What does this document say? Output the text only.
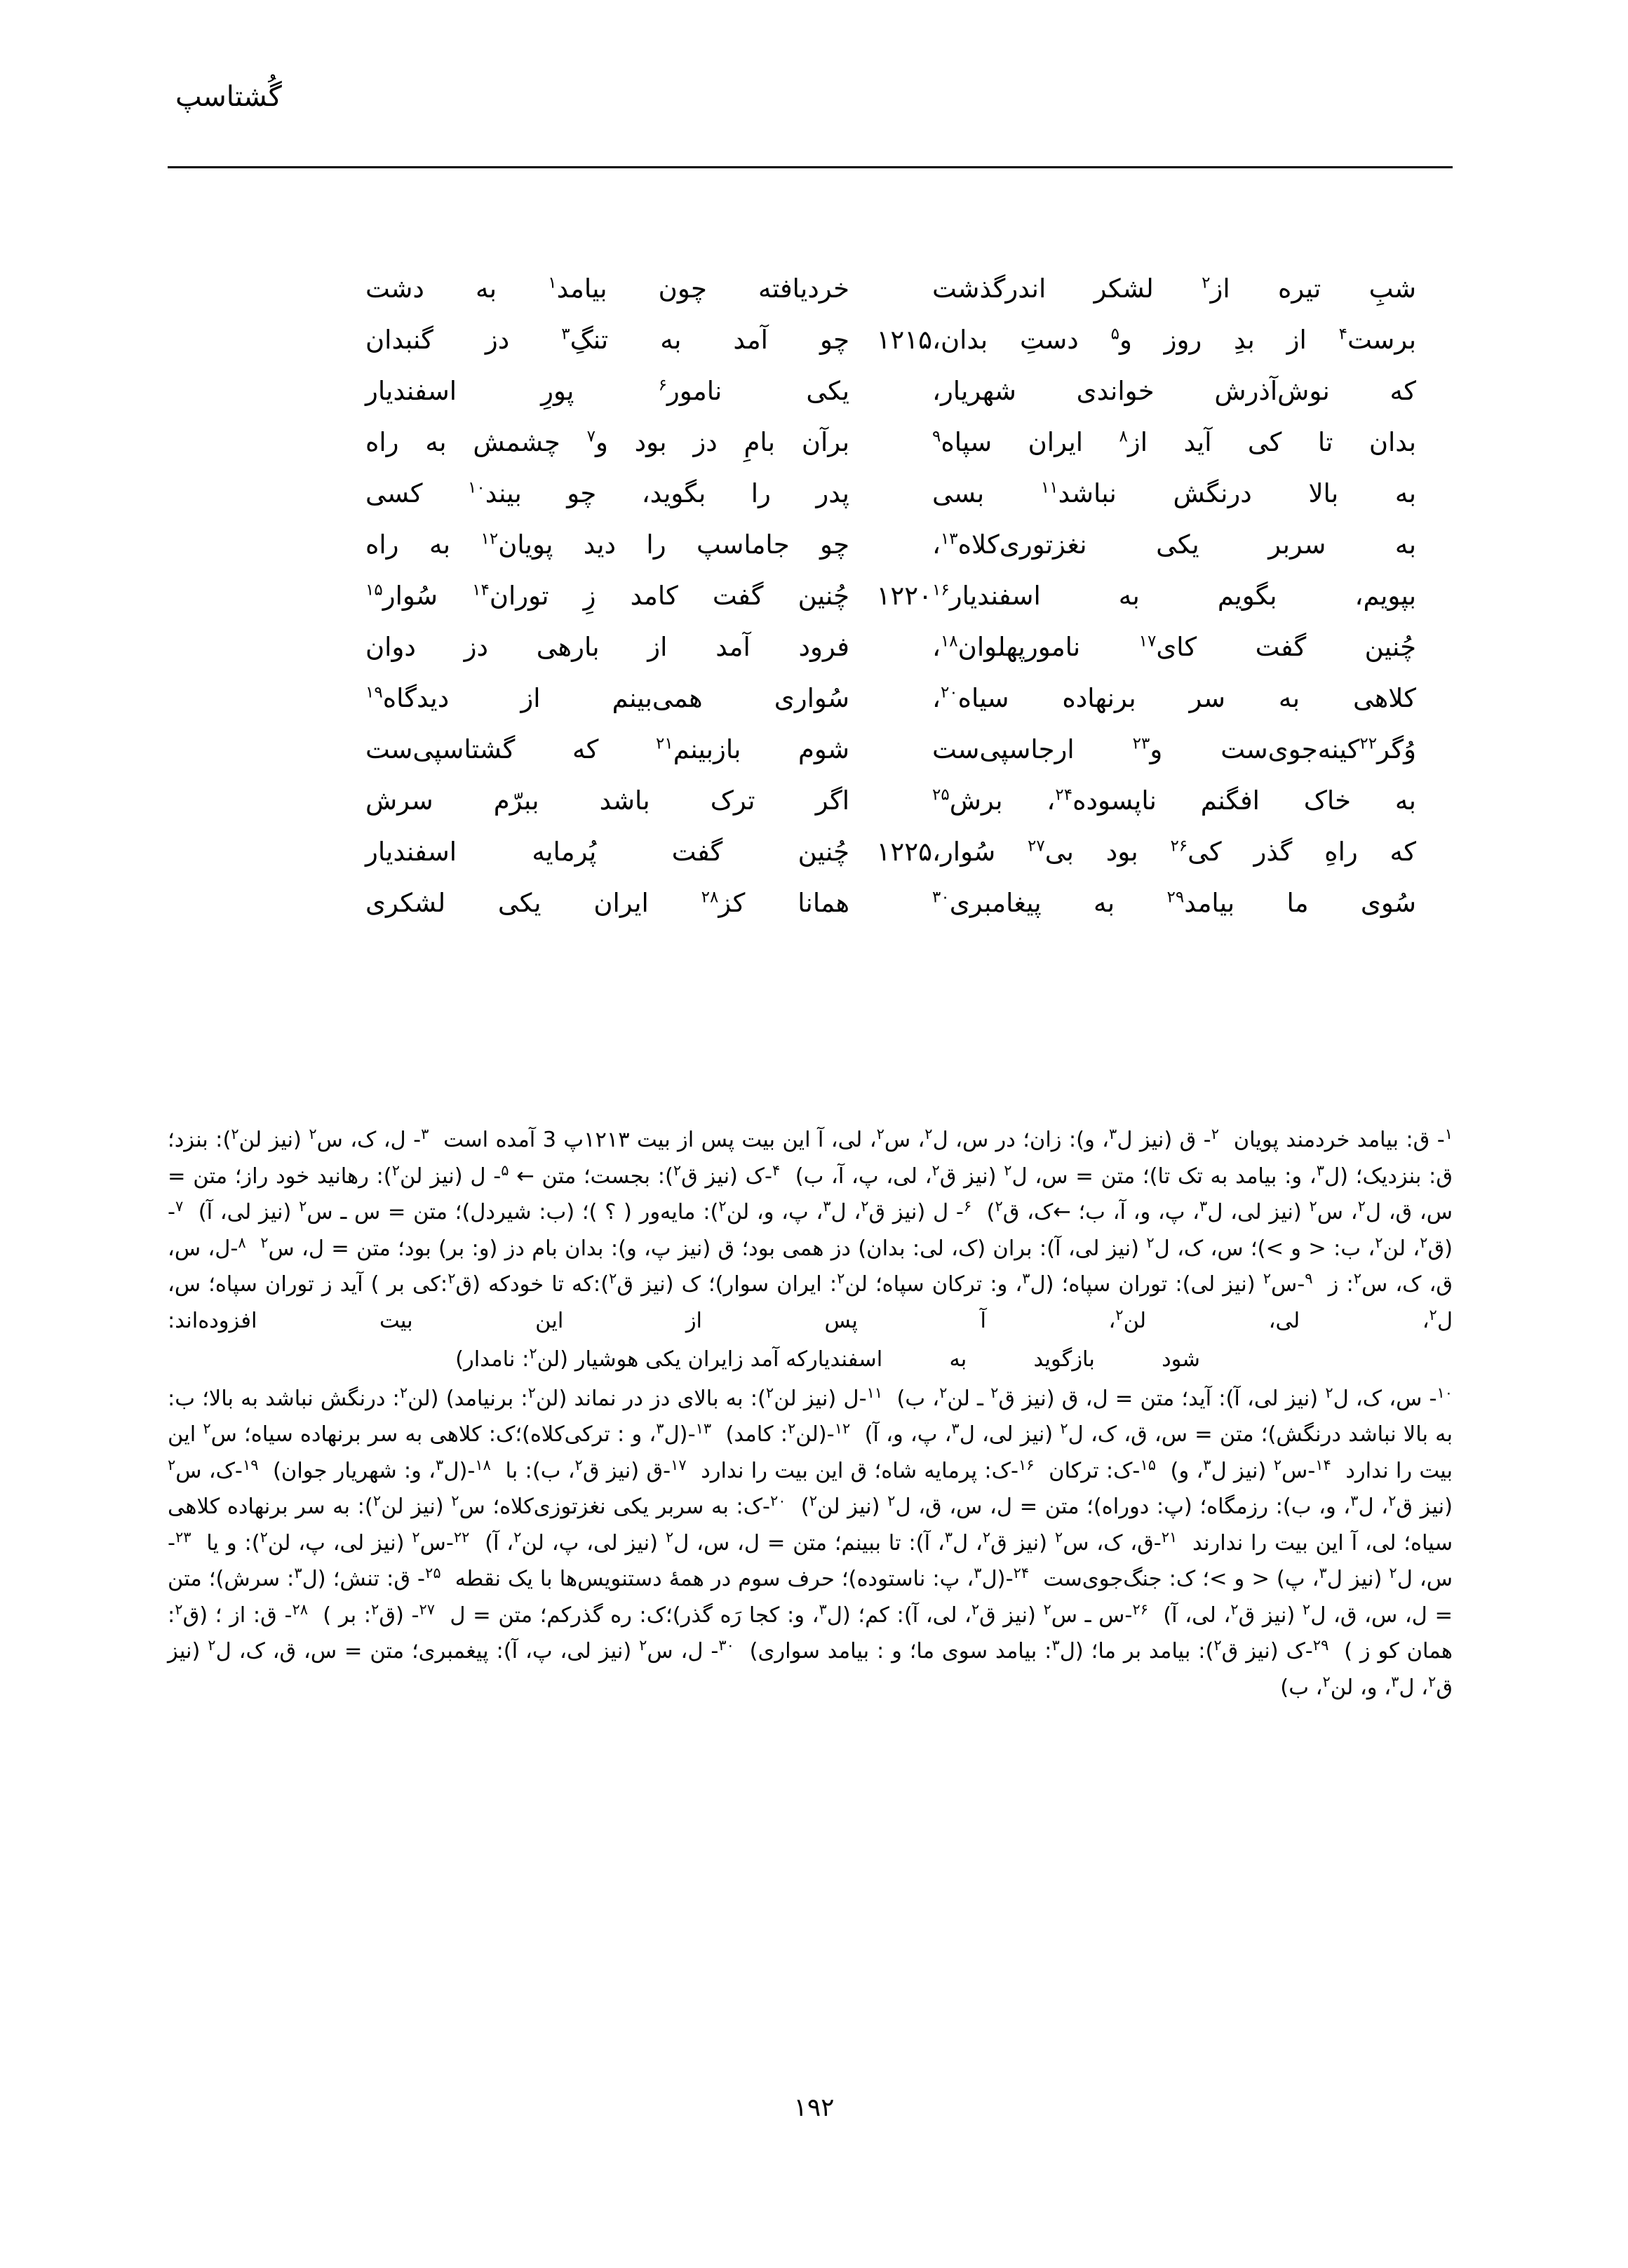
گُشتاسپ
شبِ تیره از$^۲$ لشکر اندرگذشت
خردیافته چون بیامد$^۱$ به دشت
برست$^۴$ از بدِ روز و$^۵$ دستِ بدان،
۱۲۱۵
چو آمد به تنگِ$^۳$ دز گنبدان
که نوش‌آذرش خواندی شهریار،
یکی نامور$^۶$ پورِ اسفندیار
بدان تا کی آید از$^۸$ ایران سپاه$^۹$
برآن بامِ دز بود و$^۷$ چشمش به راه
به بالا درنگش نباشد$^{۱۱}$ بسی
پدر را بگوید، چو بیند$^{۱۰}$ کسی
به سربر یکی نغزتوری‌کلاه$^{۱۳}$،
چو جاماسپ را دید پویان$^{۱۲}$ به راه
بپویم، بگویم به اسفندیار$^{۱۶}$
۱۲۲۰
چُنین گفت کامد زِ توران$^{۱۴}$ سُوار$^{۱۵}$
چُنین گفت کای$^{۱۷}$ نامورپهلوان$^{۱۸}$،
فرود آمد از بارهی دز دوان
کلاهی به سر برنهاده سیاه$^{۲۰}$،
سُواری همی‌بینم از دیدگاه$^{۱۹}$
وُگر$^{۲۲}$کینه‌جوی‌ست و$^{۲۳}$ ارجاسپی‌ست
شوم بازبینم$^{۲۱}$ که گشتاسپی‌ست
به خاک افگنم ناپسوده$^{۲۴}$، برش$^{۲۵}$
اگر ترک باشد ببرّم سرش
که راهِ گذر کی$^{۲۶}$ بود بی$^{۲۷}$ سُوار،
۱۲۲۵
چُنین گفت پُرمایه اسفندیار
سُوی ما بیامد$^{۲۹}$ به پیغامبری$^{۳۰}$
همانا کز$^{۲۸}$ ایران یکی لشکری

$^۱$- ق: بیامد خردمند پویان  $^۲$- ق (نیز ل$^۳$، و): زان؛ در س، ل$^۲$، س$^۲$، لی، آ این بیت پس از بیت ۱۲۱۳پ 3 آمده است  $^۳$- ل، ک، س$^۲$ (نیز لن$^۲$): بنزد؛ ق: بنزدیک؛ (ل$^۳$، و: بیامد به تک تا)؛ متن = س، ل$^۲$ (نیز ق$^۲$، لی، پ، آ، ب)  $^۴$-ک (نیز ق$^۲$): بجست؛ متن ← $^۵$- ل (نیز لن$^۲$): رهانید خود راز؛ متن = س، ق، ل$^۲$، س$^۲$ (نیز لی، ل$^۳$، پ، و، آ، ب؛ ←ک، ق$^۲$)  $^۶$- ل (نیز ق$^۲$، ل$^۳$، پ، و، لن$^۲$): مایه‌ور ( ؟ )؛ (ب: شیردل)؛ متن = س ـ س$^۲$ (نیز لی، آ)  $^۷$-(ق$^۲$، لن$^۲$، ب: < و >)؛ س، ک، ل$^۲$ (نیز لی، آ): بران (ک، لی: بدان) دز همی بود؛ ق (نیز پ، و): بدان بام دز (و: بر) بود؛ متن = ل، س$^۲$  $^۸$-ل، س، ق، ک، س$^۲$: ز  $^۹$-س$^۲$ (نیز لی): توران سپاه؛ (ل$^۳$، و: ترکان سپاه؛ لن$^۲$: ایران سوار)؛ ک (نیز ق$^۲$):که تا خودکه (ق$^۲$:کی بر ) آید ز توران سپاه؛ س، ل$^۲$، لی، لن$^۲$، آ پس از این بیت افزوده‌اند:

شود بازگوید به اسفندیار
که آمد زایران یکی هوشیار (لن$^۲$: نامدار)

$^{۱۰}$- س، ک، ل$^۲$ (نیز لی، آ): آید؛ متن = ل، ق (نیز ق$^۲$ ـ لن$^۲$، ب)  $^{۱۱}$-ل (نیز لن$^۲$): به بالای دز در نماند (لن$^۲$: برنیامد) (لن$^۲$: درنگش نباشد به بالا؛ ب: به بالا نباشد درنگش)؛ متن = س، ق، ک، ل$^۲$ (نیز لی، ل$^۳$، پ، و، آ)  $^{۱۲}$-(لن$^۲$: کامد)  $^{۱۳}$-(ل$^۳$، و : ترکی‌کلاه)؛ک: کلاهی به سر برنهاده سیاه؛ س$^۲$ این بیت را ندارد  $^{۱۴}$-س$^۲$ (نیز ل$^۳$، و)  $^{۱۵}$-ک: ترکان  $^{۱۶}$-ک: پرمایه شاه؛ ق این بیت را ندارد  $^{۱۷}$-ق (نیز ق$^۲$، ب): با  $^{۱۸}$-(ل$^۳$، و: شهریار جوان)  $^{۱۹}$-ک، س$^۲$ (نیز ق$^۲$، ل$^۳$، و، ب): رزمگاه؛ (پ: دوراه)؛ متن = ل، س، ق، ل$^۲$ (نیز لن$^۲$)  $^{۲۰}$-ک: به سربر یکی نغزتوزی‌کلاه؛ س$^۲$ (نیز لن$^۲$): به سر برنهاده کلاهی سیاه؛ لی، آ این بیت را ندارند  $^{۲۱}$-ق، ک، س$^۲$ (نیز ق$^۲$، ل$^۳$، آ): تا ببینم؛ متن = ل، س، ل$^۲$ (نیز لی، پ، لن$^۲$، آ)  $^{۲۲}$-س$^۲$ (نیز لی، پ، لن$^۲$): و یا  $^{۲۳}$-س، ل$^۲$ (نیز ل$^۳$، پ) < و >؛ ک: جنگ‌جوی‌ست  $^{۲۴}$-(ل$^۳$، پ: ناستوده)؛ حرف سوم در همهٔ دستنویس‌ها با یک نقطه  $^{۲۵}$- ق: تنش؛ (ل$^۳$: سرش)؛ متن = ل، س، ق، ل$^۲$ (نیز ق$^۲$، لی، آ)  $^{۲۶}$-س ـ س$^۲$ (نیز ق$^۲$، لی، آ): کم؛ (ل$^۳$، و: کجا رَه گذر)؛ک: ره گذرکم؛ متن = ل  $^{۲۷}$- (ق$^۲$: بر )  $^{۲۸}$- ق: از ؛ (ق$^۲$: همان کو ز )  $^{۲۹}$-ک (نیز ق$^۲$): بیامد بر ما؛ (ل$^۳$: بیامد سوی ما؛ و : بیامد سواری)  $^{۳۰}$- ل، س$^۲$ (نیز لی، پ، آ): پیغمبری؛ متن = س، ق، ک، ل$^۲$ (نیز ق$^۲$، ل$^۳$، و، لن$^۲$، ب)

۱۹۲
